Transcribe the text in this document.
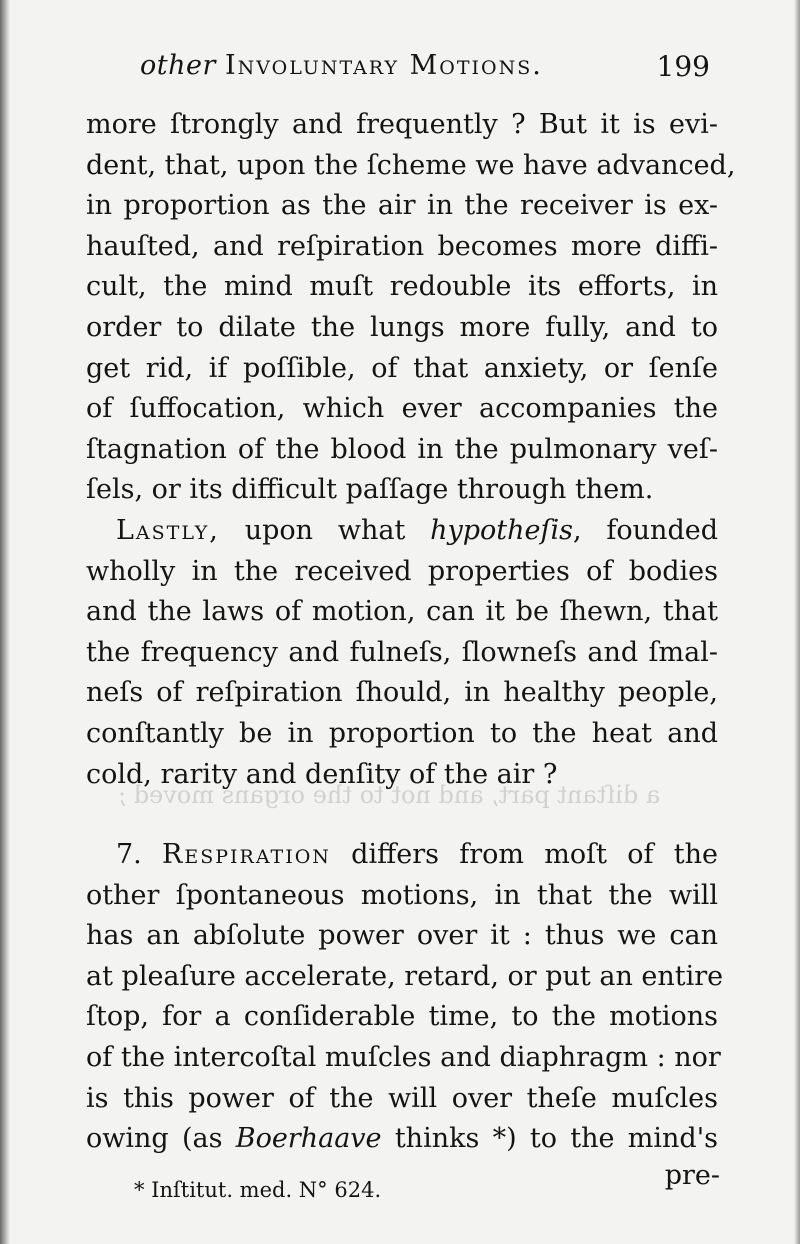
other Involuntary Motions.	199
a diſtant part, and not to the organs moved ;
more ſtrongly and frequently ? But it is evi-
dent, that, upon the ſcheme we have advanced,
in proportion as the air in the receiver is ex-
hauſted, and reſpiration becomes more diffi-
cult, the mind muſt redouble its efforts, in
order to dilate the lungs more fully, and to
get rid, if poſſible, of that anxiety, or ſenſe
of ſuffocation, which ever accompanies the
ſtagnation of the blood in the pulmonary veſ-
ſels, or its difficult paſſage through them.
Lastly, upon what hypotheſis, founded
wholly in the received properties of bodies
and the laws of motion, can it be ſhewn, that
the frequency and fulneſs, ſlowneſs and ſmal-
neſs of reſpiration ſhould, in healthy people,
conſtantly be in proportion to the heat and
cold, rarity and denſity of the air ?
7. Respiration differs from moſt of the
other ſpontaneous motions, in that the will
has an abſolute power over it : thus we can
at pleaſure accelerate, retard, or put an entire
ſtop, for a conſiderable time, to the motions
of the intercoſtal muſcles and diaphragm : nor
is this power of the will over theſe muſcles
owing (as Boerhaave thinks *) to the mind's
pre-
* Inſtitut. med. N° 624.
